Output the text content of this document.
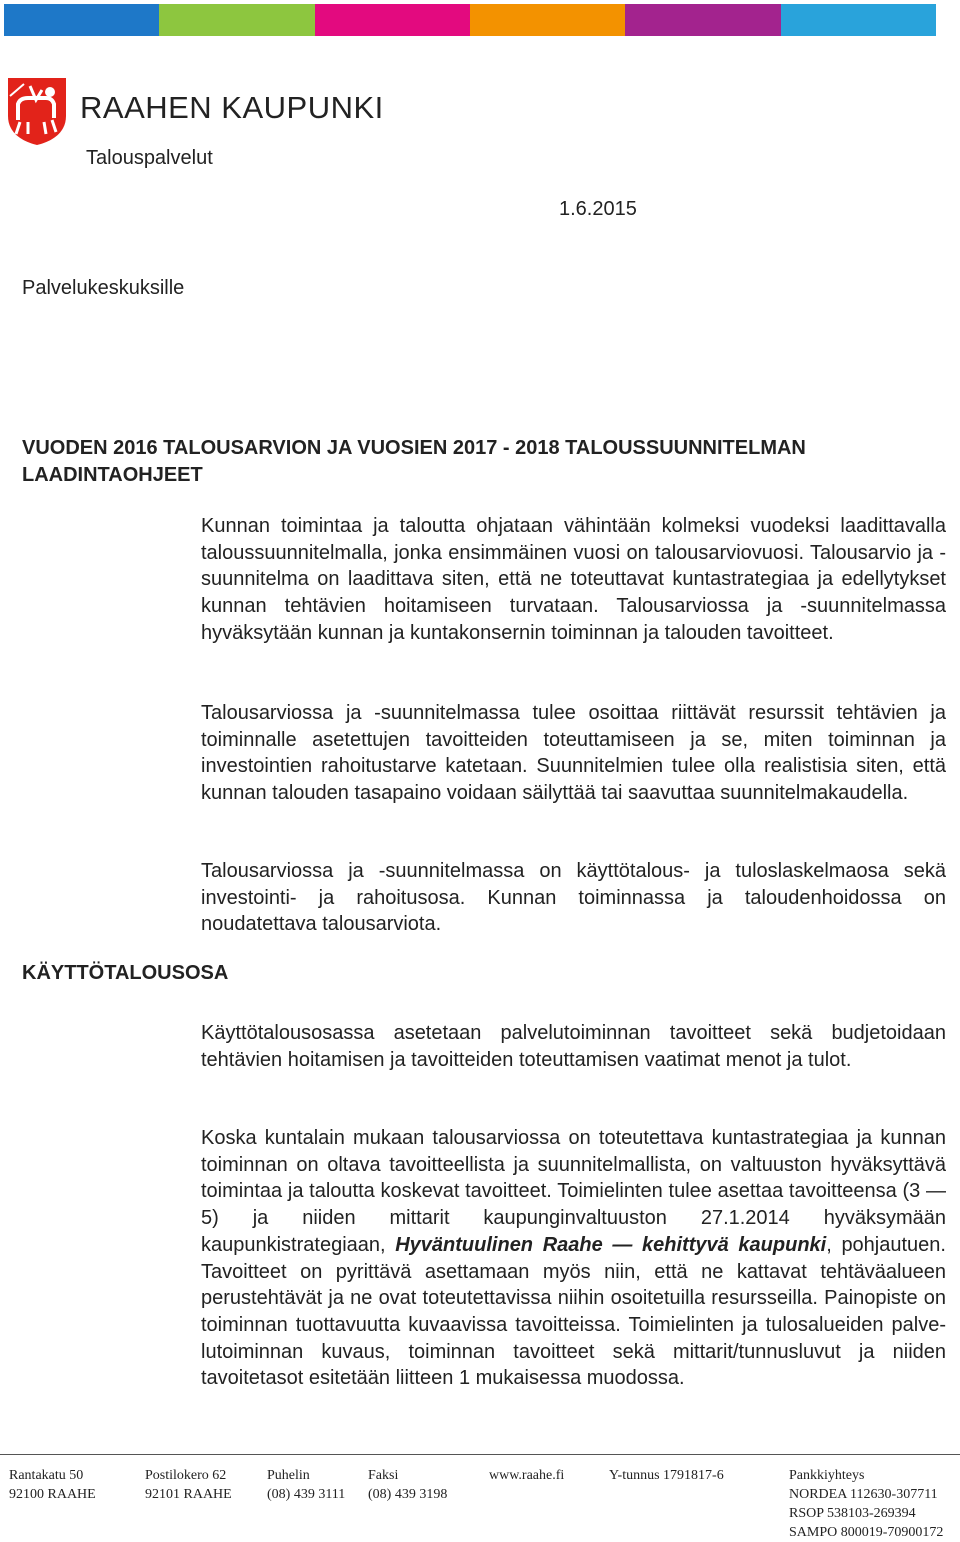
RAAHEN KAUPUNKI
Talouspalvelut
1.6.2015
Palvelukeskuksille
VUODEN 2016 TALOUSARVION JA VUOSIEN 2017 - 2018 TALOUSSUUNNITELMAN LAADINTAOHJEET
Kunnan toimintaa ja taloutta ohjataan vähintään kolmeksi vuodeksi laadittavalla taloussuunnitelmalla, jonka ensimmäinen vuosi on talousarviovuosi. Talousarvio ja -suunnitelma on laadittava siten, että ne toteuttavat kuntastrategiaa ja edellytykset kunnan tehtävien hoitamiseen turvataan. Talousarviossa ja -suunnitelmassa hyväksytään kunnan ja kuntakonsernin toiminnan ja talouden tavoitteet.
Talousarviossa ja -suunnitelmassa tulee osoittaa riittävät resurssit tehtävien ja toiminnalle asetettujen tavoitteiden toteuttamiseen ja se, miten toiminnan ja investointien rahoitustarve katetaan. Suunnitelmien tulee olla realistisia siten, että kunnan talouden tasapaino voidaan säilyttää tai saavuttaa suunnitelmakaudella.
Talousarviossa ja -suunnitelmassa on käyttötalous- ja tuloslaskelmaosa sekä investointi- ja rahoitusosa. Kunnan toiminnassa ja taloudenhoidossa on noudatettava talousarviota.
KÄYTTÖTALOUSOSA
Käyttötalousosassa asetetaan palvelutoiminnan tavoitteet sekä budjetoidaan tehtävien hoitamisen ja tavoitteiden toteuttamisen vaatimat menot ja tulot.
Koska kuntalain mukaan talousarviossa on toteutettava kuntastrategiaa ja kunnan toiminnan on oltava tavoitteellista ja suunnitelmallista, on valtuuston hyväksyttävä toimintaa ja taloutta koskevat tavoitteet. Toimielinten tulee asettaa tavoitteensa (3 — 5) ja niiden mittarit kaupunginvaltuuston 27.1.2014 hyväksymään kaupunkistrategiaan, Hyväntuulinen Raahe — kehittyvä kaupunki, pohjautuen. Tavoitteet on pyrittävä asettamaan myös niin, että ne kattavat tehtäväalueen perustehtävät ja ne ovat toteutettavissa niihin osoitetuilla resursseilla. Painopiste on toiminnan tuottavuutta kuvaavissa tavoitteissa. Toimielinten ja tulosalueiden palvelutoiminnan kuvaus, toiminnan tavoitteet sekä mittarit/tunnusluvut ja niiden tavoitetasot esitetään liitteen 1 mukaisessa muodossa.
Rantakatu 50
92100 RAAHE
Postilokero 62
92101 RAAHE
Puhelin
(08) 439 3111
Faksi
(08) 439 3198
www.raahe.fi	Y-tunnus 1791817-6	Pankkiyhteys
NORDEA 112630-307711
RSOP 538103-269394
SAMPO 800019-70900172
